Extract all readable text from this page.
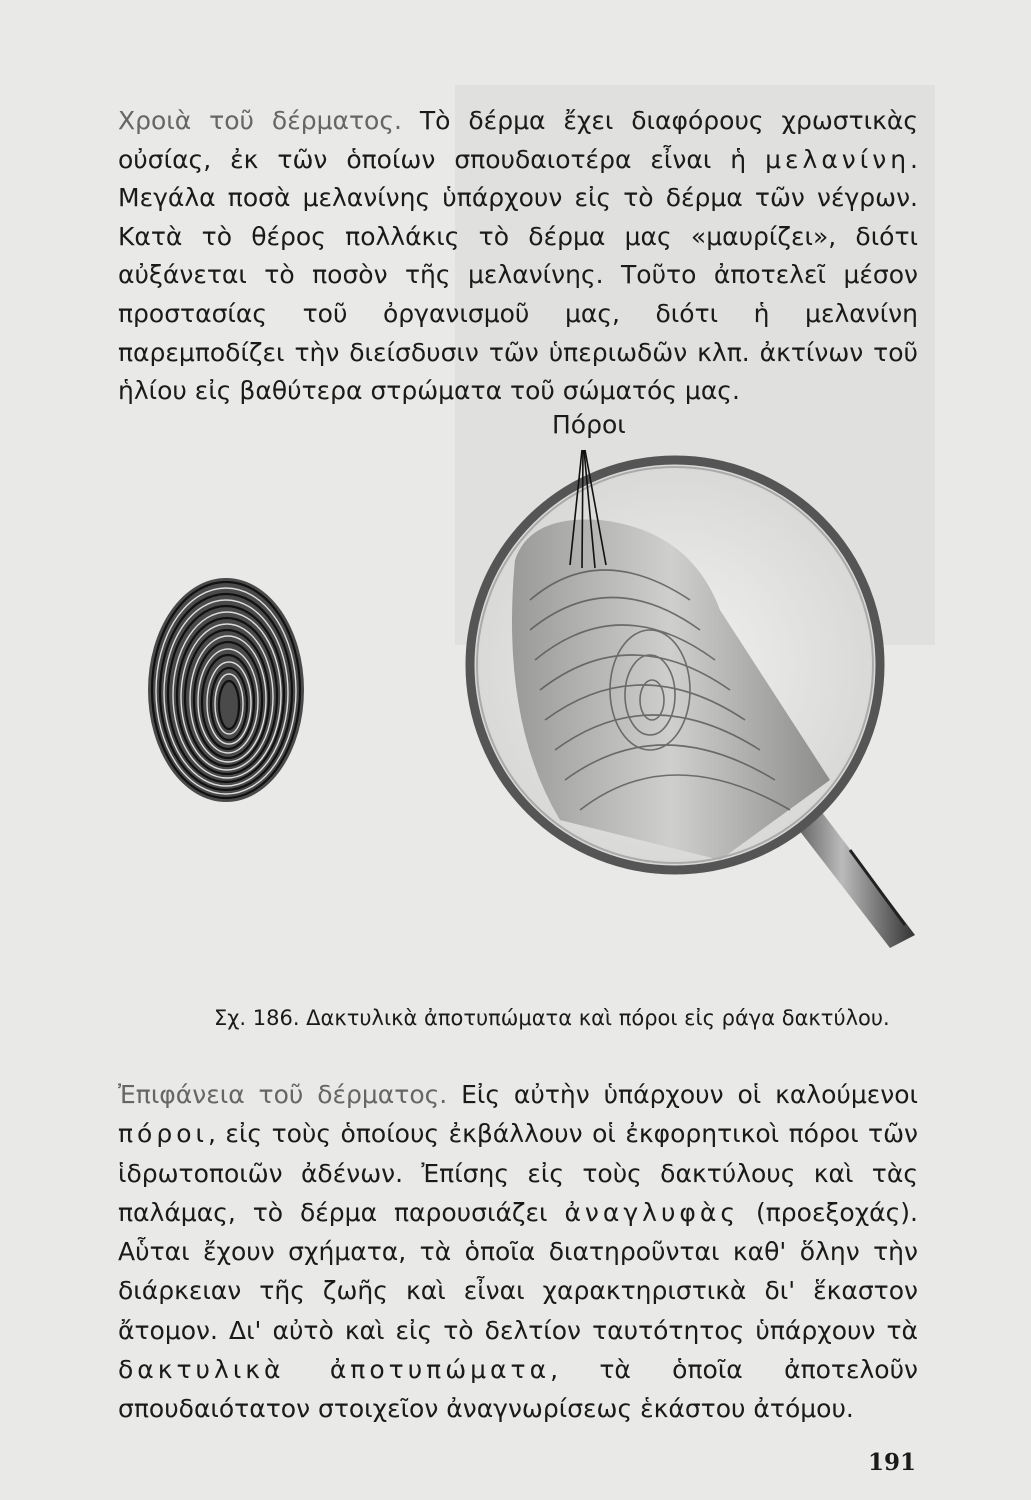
Χροιὰ τοῦ δέρματος. Τὸ δέρμα ἔχει διαφόρους χρωστικὰς οὐσίας, ἐκ τῶν ὁποίων σπουδαιοτέρα εἶναι ἡ μελανίνη. Μεγάλα ποσὰ μελανίνης ὑπάρχουν εἰς τὸ δέρμα τῶν νέγρων. Κατὰ τὸ θέρος πολλάκις τὸ δέρμα μας «μαυρίζει», διότι αὐξάνεται τὸ ποσὸν τῆς μελανίνης. Τοῦτο ἀποτελεῖ μέσον προστασίας τοῦ ὀργανισμοῦ μας, διότι ἡ μελανίνη παρεμποδίζει τὴν διείσδυσιν τῶν ὑπεριωδῶν κλπ. ἀκτίνων τοῦ ἡλίου εἰς βαθύτερα στρώματα τοῦ σώματός μας.

Πόροι
Σχ. 186. Δακτυλικὰ ἀποτυπώματα καὶ πόροι εἰς ράγα δακτύλου.

Ἐπιφάνεια τοῦ δέρματος. Εἰς αὐτὴν ὑπάρχουν οἱ καλούμενοι πόροι, εἰς τοὺς ὁποίους ἐκβάλλουν οἱ ἐκφορητικοὶ πόροι τῶν ἱδρωτοποιῶν ἀδένων. Ἐπίσης εἰς τοὺς δακτύλους καὶ τὰς παλάμας, τὸ δέρμα παρουσιάζει ἀναγλυφὰς (προεξοχάς). Αὗται ἔχουν σχήματα, τὰ ὁποῖα διατηροῦνται καθ' ὅλην τὴν διάρκειαν τῆς ζωῆς καὶ εἶναι χαρακτηριστικὰ δι' ἕκαστον ἄτομον. Δι' αὐτὸ καὶ εἰς τὸ δελτίον ταυτότητος ὑπάρχουν τὰ δακτυλικὰ ἀποτυπώματα, τὰ ὁποῖα ἀποτελοῦν σπουδαιότατον στοιχεῖον ἀναγνωρίσεως ἑκάστου ἀτόμου.

191
